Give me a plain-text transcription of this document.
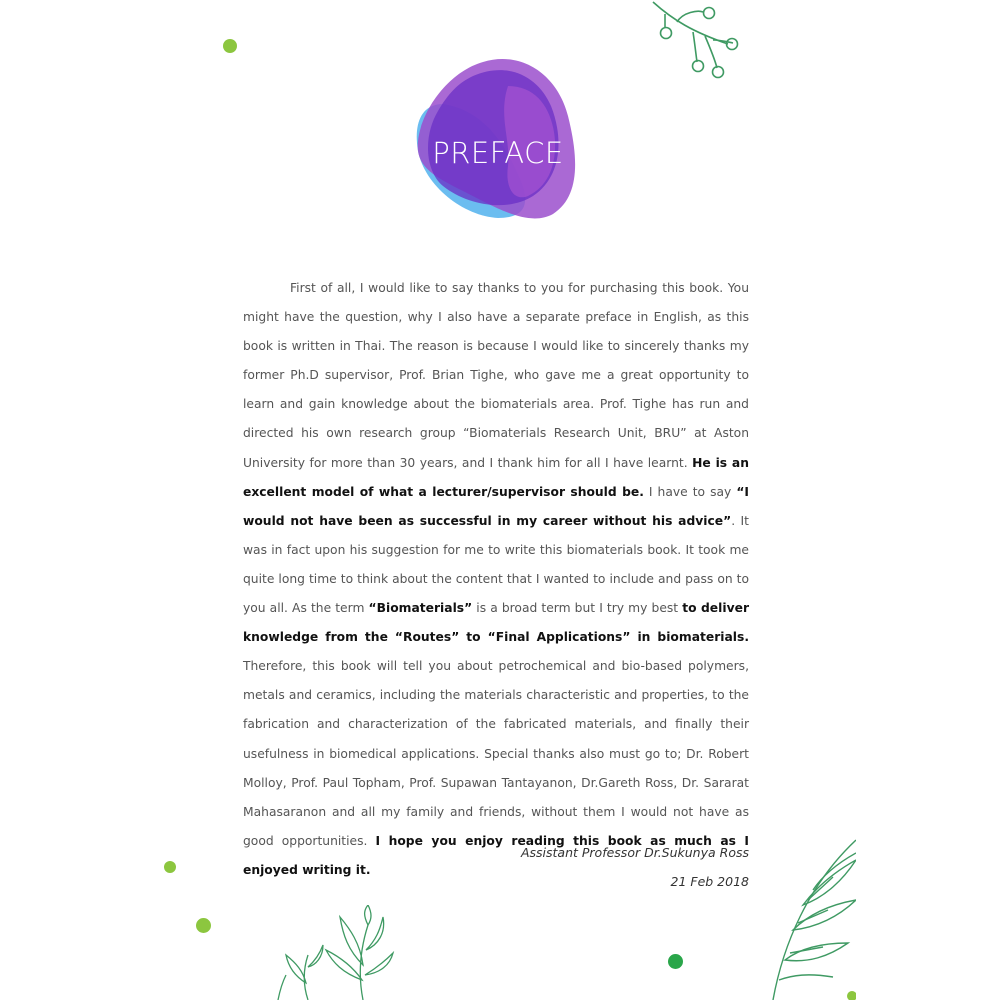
PREFACE

First of all, I would like to say thanks to you for purchasing this book. You might have the question, why I also have a separate preface in English, as this book is written in Thai. The reason is because I would like to sincerely thanks my former Ph.D supervisor, Prof. Brian Tighe, who gave me a great opportunity to learn and gain knowledge about the biomaterials area. Prof. Tighe has run and directed his own research group “Biomaterials Research Unit, BRU” at Aston University for more than 30 years, and I thank him for all I have learnt. He is an excellent model of what a lecturer/supervisor should be. I have to say “I would not have been as successful in my career without his advice”. It was in fact upon his suggestion for me to write this biomaterials book. It took me quite long time to think about the content that I wanted to include and pass on to you all. As the term “Biomaterials” is a broad term but I try my best to deliver knowledge from the “Routes” to “Final Applications” in biomaterials. Therefore, this book will tell you about petrochemical and bio-based polymers, metals and ceramics, including the materials characteristic and properties, to the fabrication and characterization of the fabricated materials, and finally their usefulness in biomedical applications. Special thanks also must go to; Dr. Robert Molloy, Prof. Paul Topham, Prof. Supawan Tantayanon, Dr.Gareth Ross, Dr. Sararat Mahasaranon and all my family and friends, without them I would not have as good opportunities. I hope you enjoy reading this book as much as I enjoyed writing it.

Assistant Professor Dr.Sukunya Ross
21 Feb 2018
